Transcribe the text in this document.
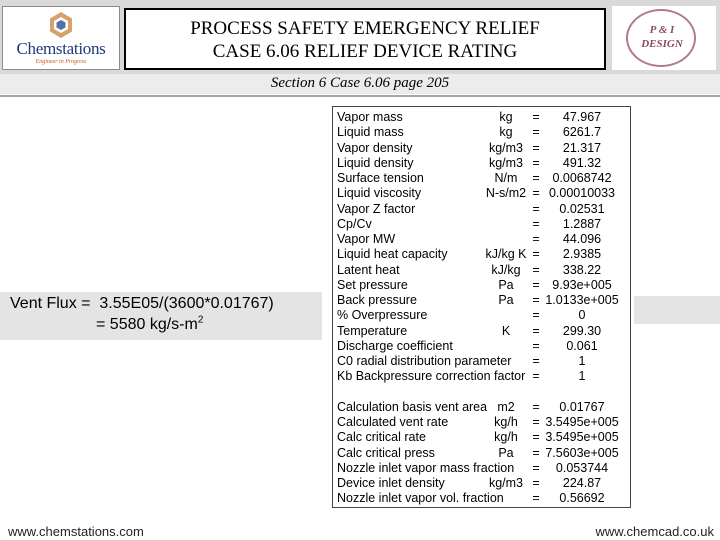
Chemstations
Engineer in Progress
PROCESS SAFETY EMERGENCY RELIEF
CASE 6.06 RELIEF DEVICE RATING
P & I
DESIGN
Section 6 Case 6.06 page 205
Vent Flux =  3.55E05/(3600*0.01767)
= 5580 $kg/s-m^2$
Vapor mass	kg	=	47.967
Liquid mass	kg	=	6261.7
Vapor density	kg/m3 =	21.317
Liquid density	kg/m3 =	491.32
Surface tension	N/m	=	0.0068742
Liquid viscosity	N-s/m2 = 0.00010033
Vapor Z factor	=	0.02531
Cp/Cv	=	1.2887
Vapor MW	=	44.096
Liquid heat capacity	kJ/kg K =	2.9385
Latent heat	kJ/kg =	338.22
Set pressure	Pa	=	9.93e+005
Back pressure	Pa	= 1.0133e+005
% Overpressure	=	0
Temperature	K	=	299.30
Discharge coefficient	=	0.061
C0 radial distribution parameter =	1
Kb Backpressure correction factor =	1
Calculation basis vent area m2	=	0.01767
Calculated vent rate	kg/h	= 3.5495e+005
Calc critical rate	kg/h	= 3.5495e+005
Calc critical press	Pa	= 7.5603e+005
Nozzle inlet vapor mass fraction =	0.053744
Device inlet density	kg/m3 =	224.87
Nozzle inlet vapor vol. fraction =	0.56692
www.chemstations.com	www.chemcad.co.uk
